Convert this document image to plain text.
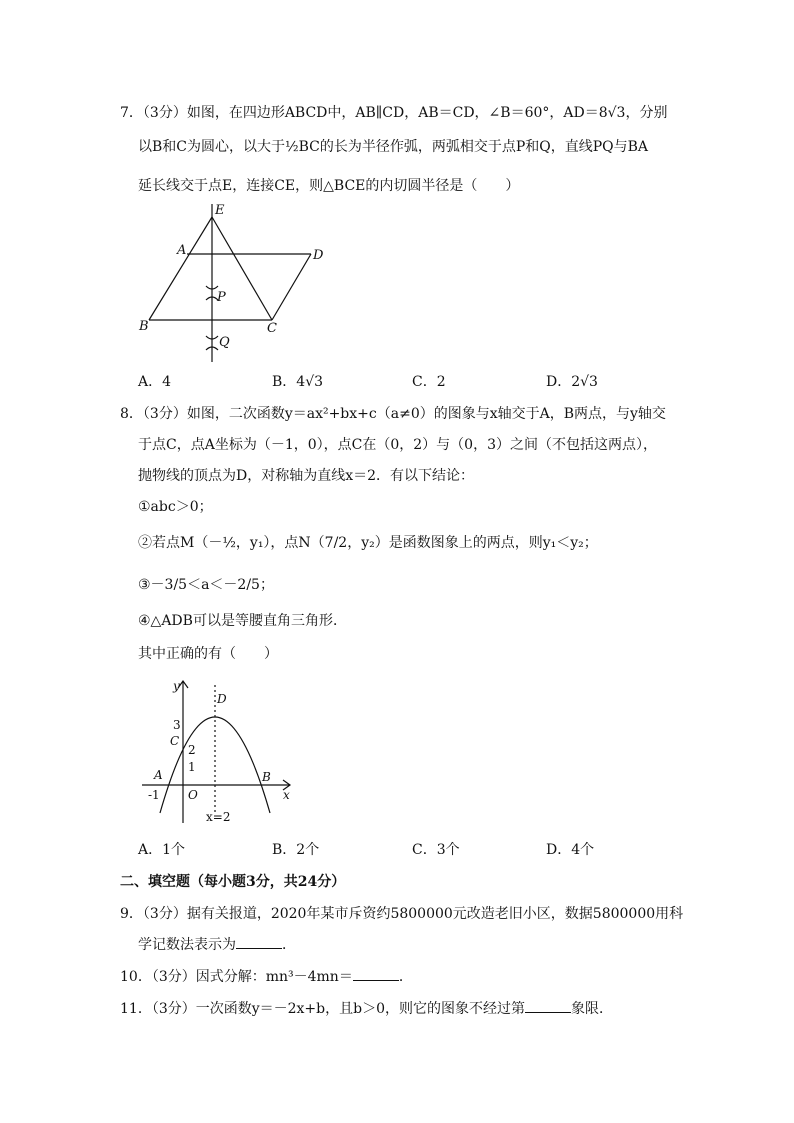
7．（3分）如图，在四边形ABCD中，AB∥CD，AB＝CD，∠B＝60°，AD＝8√3，分别
以B和C为圆心，以大于½BC的长为半径作弧，两弧相交于点P和Q，直线PQ与BA
延长线交于点E，连接CE，则△BCE的内切圆半径是（　　）
E
A	D
P
B	C
Q
A．4	B．4√3	C．2	D．2√3
8．（3分）如图，二次函数y＝ax²+bx+c（a≠0）的图象与x轴交于A，B两点，与y轴交
于点C，点A坐标为（－1，0），点C在（0，2）与（0，3）之间（不包括这两点），
抛物线的顶点为D，对称轴为直线x＝2．有以下结论：
①abc＞0；
②若点M（－½，y₁），点N（7/2，y₂）是函数图象上的两点，则y₁＜y₂；
③－3/5＜a＜－2/5；
④△ADB可以是等腰直角三角形．
其中正确的有（　　）
y
x
D
C
A	B
O
3
2
1
-1
x=2
A．1个	B．2个	C．3个	D．4个
二、填空题（每小题3分，共24分）
9．（3分）据有关报道，2020年某市斥资约5800000元改造老旧小区，数据5800000用科
学记数法表示为	．
10．（3分）因式分解：mn³－4mn＝	．
11．（3分）一次函数y＝－2x+b，且b＞0，则它的图象不经过第	象限．
